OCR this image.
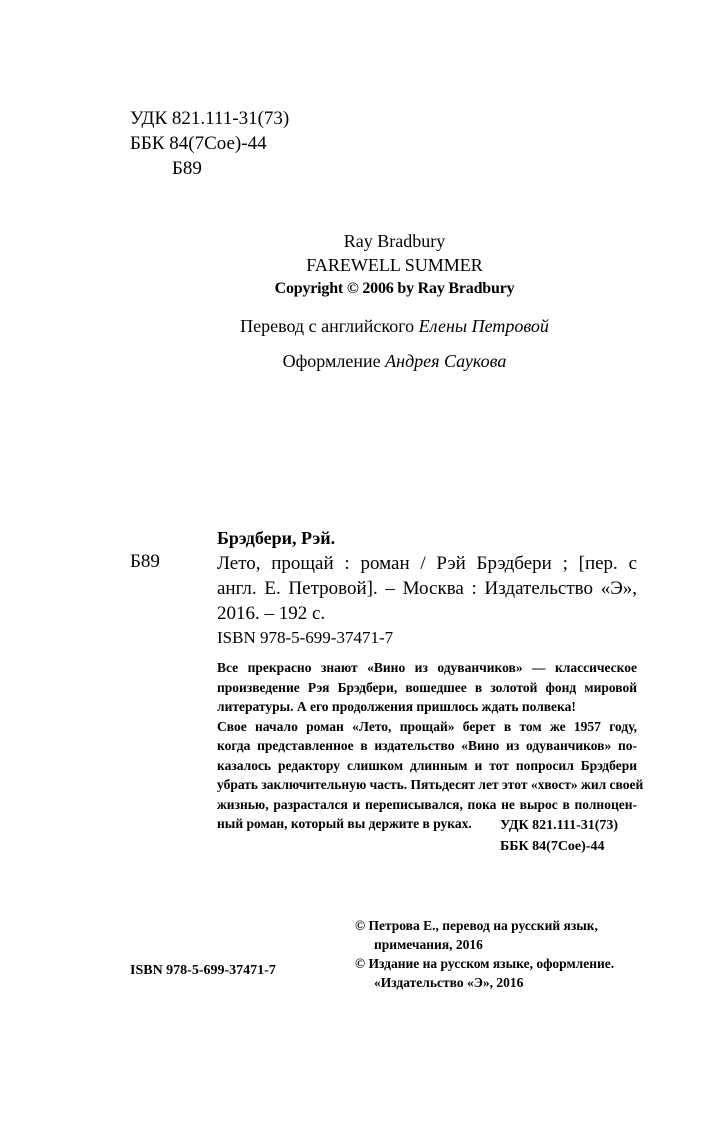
УДК 821.111-31(73)
ББК 84(7Сое)-44
Б89
Ray Bradbury
FAREWELL SUMMER
Copyright © 2006 by Ray Bradbury
Перевод с английского Елены Петровой
Оформление Андрея Саукова
Брэдбери, Рэй.
Б89	Лето, прощай : роман / Рэй Брэдбери ; [пер. с
англ. Е. Петровой]. – Москва : Издательство «Э»,
2016. – 192 с.
ISBN 978-5-699-37471-7
Все прекрасно знают «Вино из одуванчиков» — классическое
произведение Рэя Брэдбери, вошедшее в золотой фонд мировой
литературы. А его продолжения пришлось ждать полвека!
Свое начало роман «Лето, прощай» берет в том же 1957 году,
когда представленное в издательство «Вино из одуванчиков» по-
казалось редактору слишком длинным и тот попросил Брэдбери
убрать заключительную часть. Пятьдесят лет этот «хвост» жил своей
жизнью, разрастался и переписывался, пока не вырос в полноцен-
ный роман, который вы держите в руках.	УДК 821.111-31(73)
ББК 84(7Сое)-44
© Петрова Е., перевод на русский язык,
примечания, 2016
© Издание на русском языке, оформление.
«Издательство «Э», 2016
ISBN 978-5-699-37471-7
